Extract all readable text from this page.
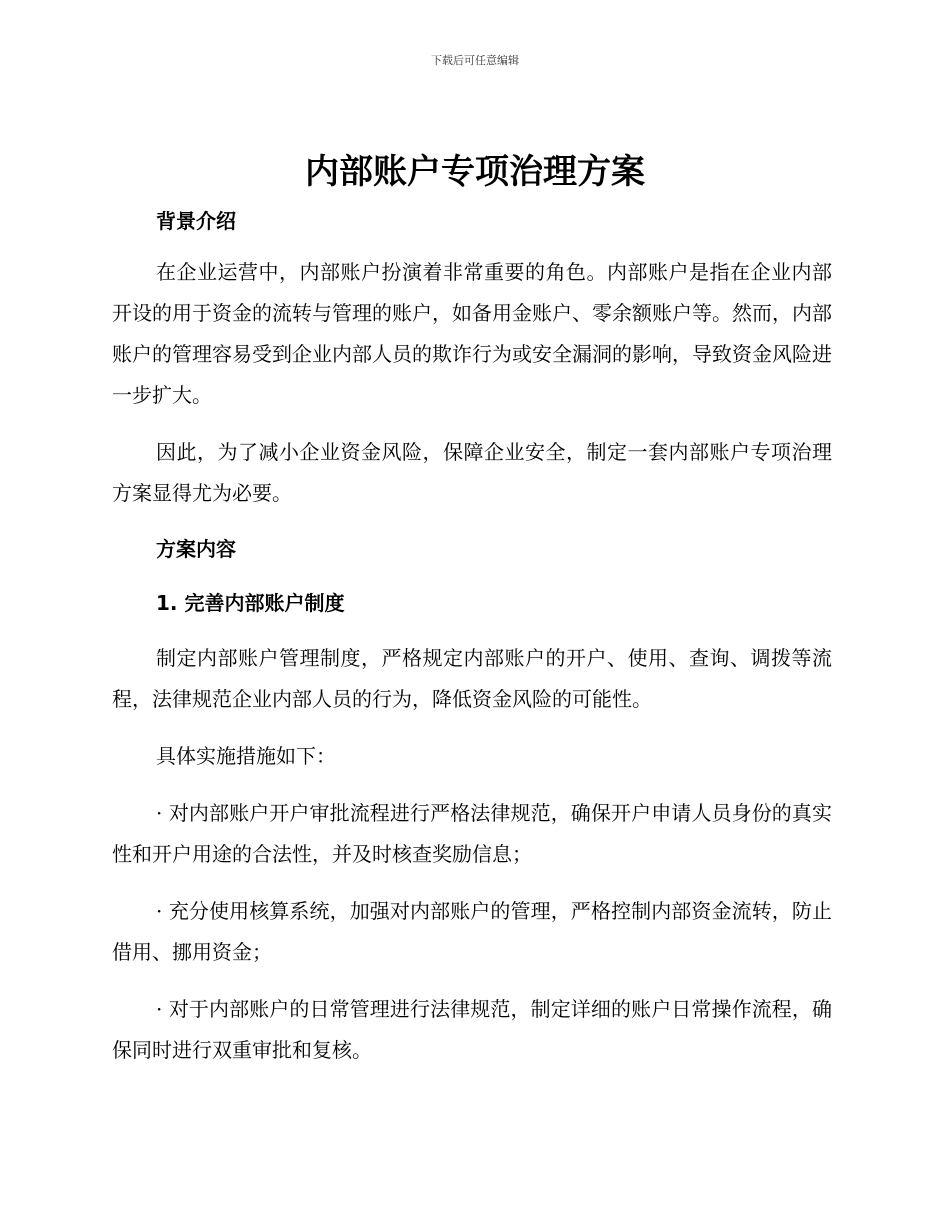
下载后可任意编辑
内部账户专项治理方案

背景介绍

在企业运营中，内部账户扮演着非常重要的角色。内部账户是指在企业内部开设的用于资金的流转与管理的账户，如备用金账户、零余额账户等。然而，内部账户的管理容易受到企业内部人员的欺诈行为或安全漏洞的影响，导致资金风险进一步扩大。

因此，为了减小企业资金风险，保障企业安全，制定一套内部账户专项治理方案显得尤为必要。

方案内容

1. 完善内部账户制度

制定内部账户管理制度，严格规定内部账户的开户、使用、查询、调拨等流程，法律规范企业内部人员的行为，降低资金风险的可能性。

具体实施措施如下：

· 对内部账户开户审批流程进行严格法律规范，确保开户申请人员身份的真实性和开户用途的合法性，并及时核查奖励信息；

· 充分使用核算系统，加强对内部账户的管理，严格控制内部资金流转，防止借用、挪用资金；

· 对于内部账户的日常管理进行法律规范，制定详细的账户日常操作流程，确保同时进行双重审批和复核。
